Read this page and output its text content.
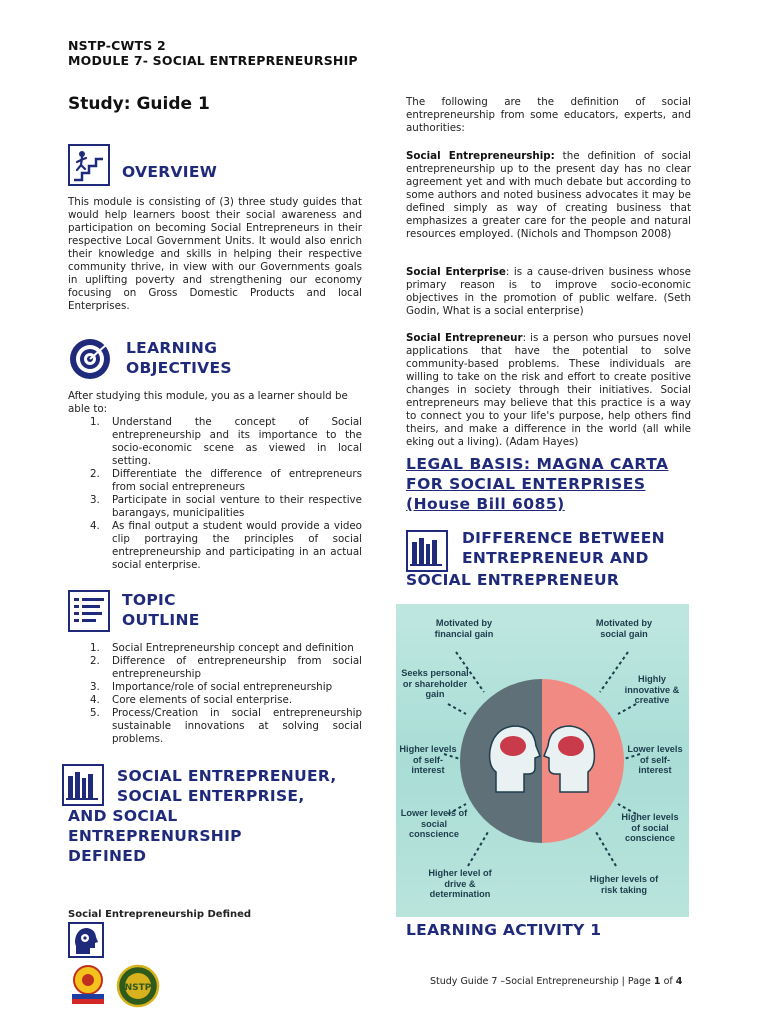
NSTP-CWTS 2
MODULE 7- SOCIAL ENTREPRENEURSHIP
Study: Guide 1
OVERVIEW
This module is consisting of (3) three study guides that would help learners boost their social awareness and participation on becoming Social Entrepreneurs in their respective Local Government Units. It would also enrich their knowledge and skills in helping their respective community thrive, in view with our Governments goals in uplifting poverty and strengthening our economy focusing on Gross Domestic Products and local Enterprises.
LEARNING
OBJECTIVES
After studying this module, you as a learner should be able to:
1. Understand the concept of Social entrepreneurship and its importance to the socio-economic scene as viewed in local setting.
2. Differentiate the difference of entrepreneurs from social entrepreneurs
3. Participate in social venture to their respective barangays, municipalities
4. As final output a student would provide a video clip portraying the principles of social entrepreneurship and participating in an actual social enterprise.
TOPIC
OUTLINE
1. Social Entrepreneurship concept and definition
2. Difference of entrepreneurship from social entrepreneurship
3. Importance/role of social entrepreneurship
4. Core elements of social enterprise.
5. Process/Creation in social entrepreneurship sustainable innovations at solving social problems.
SOCIAL ENTREPRENUER,
SOCIAL ENTERPRISE,
AND SOCIAL
ENTREPRENURSHIP
DEFINED
Social Entrepreneurship Defined
NSTP
The following are the definition of social entrepreneurship from some educators, experts, and authorities:
Social Entrepreneurship: the definition of social entrepreneurship up to the present day has no clear agreement yet and with much debate but according to some authors and noted business advocates it may be defined simply as way of creating business that emphasizes a greater care for the people and natural resources employed. (Nichols and Thompson 2008)
Social Enterprise: is a cause-driven business whose primary reason is to improve socio-economic objectives in the promotion of public welfare. (Seth Godin, What is a social enterprise)
Social Entrepreneur: is a person who pursues novel applications that have the potential to solve community-based problems. These individuals are willing to take on the risk and effort to create positive changes in society through their initiatives. Social entrepreneurs may believe that this practice is a way to connect you to your life's purpose, help others find theirs, and make a difference in the world (all while eking out a living). (Adam Hayes)
LEGAL BASIS: MAGNA CARTA
FOR SOCIAL ENTERPRISES
(House Bill 6085)
DIFFERENCE BETWEEN
ENTREPRENEUR AND
SOCIAL ENTREPRENEUR
Motivated by financial gain
Seeks personal or shareholder gain
Higher levels of self-interest
Lower levels of social conscience
Higher level of drive & determination
Motivated by social gain
Highly innovative & creative
Lower levels of self-interest
Higher levels of social conscience
Higher levels of risk taking
LEARNING ACTIVITY 1
Study Guide 7 –Social Entrepreneurship | Page 1 of 4
